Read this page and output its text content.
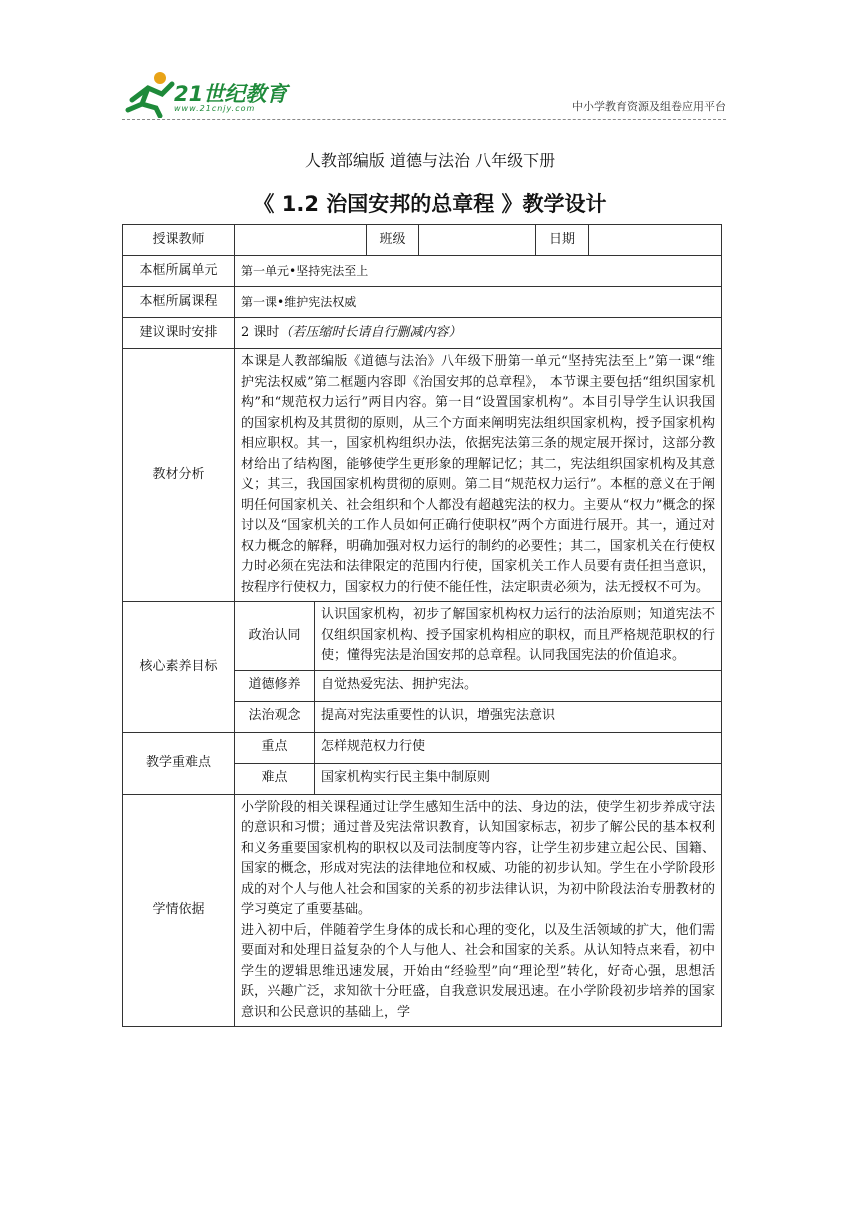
21世纪教育
www.21cnjy.com	中小学教育资源及组卷应用平台
人教部编版 道德与法治 八年级下册
《 1.2 治国安邦的总章程 》教学设计
授课教师			班级		日期	
本框所属单元	第一单元•坚持宪法至上					
本框所属课程	第一课•维护宪法权威					
建议课时安排	2 课时（若压缩时长请自行删减内容）					
教材分析	本课是人教部编版《道德与法治》八年级下册第一单元“坚持宪法至上”第一课“维护宪法权威”第二框题内容即《治国安邦的总章程》， 本节课主要包括“组织国家机构”和“规范权力运行”两目内容。第一目“设置国家机构”。本目引导学生认识我国的国家机构及其贯彻的原则，从三个方面来阐明宪法组织国家机构，授予国家机构相应职权。其一，国家机构组织办法，依据宪法第三条的规定展开探讨，这部分教材给出了结构图，能够使学生更形象的理解记忆；其二，宪法组织国家机构及其意义；其三，我国国家机构贯彻的原则。第二目“规范权力运行”。本框的意义在于阐明任何国家机关、社会组织和个人都没有超越宪法的权力。主要从“权力”概念的探讨以及“国家机关的工作人员如何正确行使职权”两个方面进行展开。其一，通过对权力概念的解释，明确加强对权力运行的制约的必要性；其二，国家机关在行使权力时必须在宪法和法律限定的范围内行使，国家机关工作人员要有责任担当意识，按程序行使权力，国家权力的行使不能任性，法定职责必须为，法无授权不可为。					
核心素养目标	政治认同	认识国家机构，初步了解国家机构权力运行的法治原则；知道宪法不仅组织国家机构、授予国家机构相应的职权，而且严格规范职权的行使；懂得宪法是治国安邦的总章程。认同我国宪法的价值追求。				
	道德修养	自觉热爱宪法、拥护宪法。				
	法治观念	提高对宪法重要性的认识，增强宪法意识				
教学重难点	重点	怎样规范权力行使				
	难点	国家机构实行民主集中制原则				
学情依据	小学阶段的相关课程通过让学生感知生活中的法、身边的法，使学生初步养成守法的意识和习惯；通过普及宪法常识教育，认知国家标志，初步了解公民的基本权利和义务重要国家机构的职权以及司法制度等内容，让学生初步建立起公民、国籍、国家的概念，形成对宪法的法律地位和权威、功能的初步认知。学生在小学阶段形成的对个人与他人社会和国家的关系的初步法律认识，为初中阶段法治专册教材的学习奠定了重要基础。
进入初中后，伴随着学生身体的成长和心理的变化，以及生活领域的扩大，他们需要面对和处理日益复杂的个人与他人、社会和国家的关系。从认知特点来看，初中学生的逻辑思维迅速发展，开始由“经验型”向“理论型”转化，好奇心强，思想活跃，兴趣广泛，求知欲十分旺盛，自我意识发展迅速。在小学阶段初步培养的国家意识和公民意识的基础上，学					
